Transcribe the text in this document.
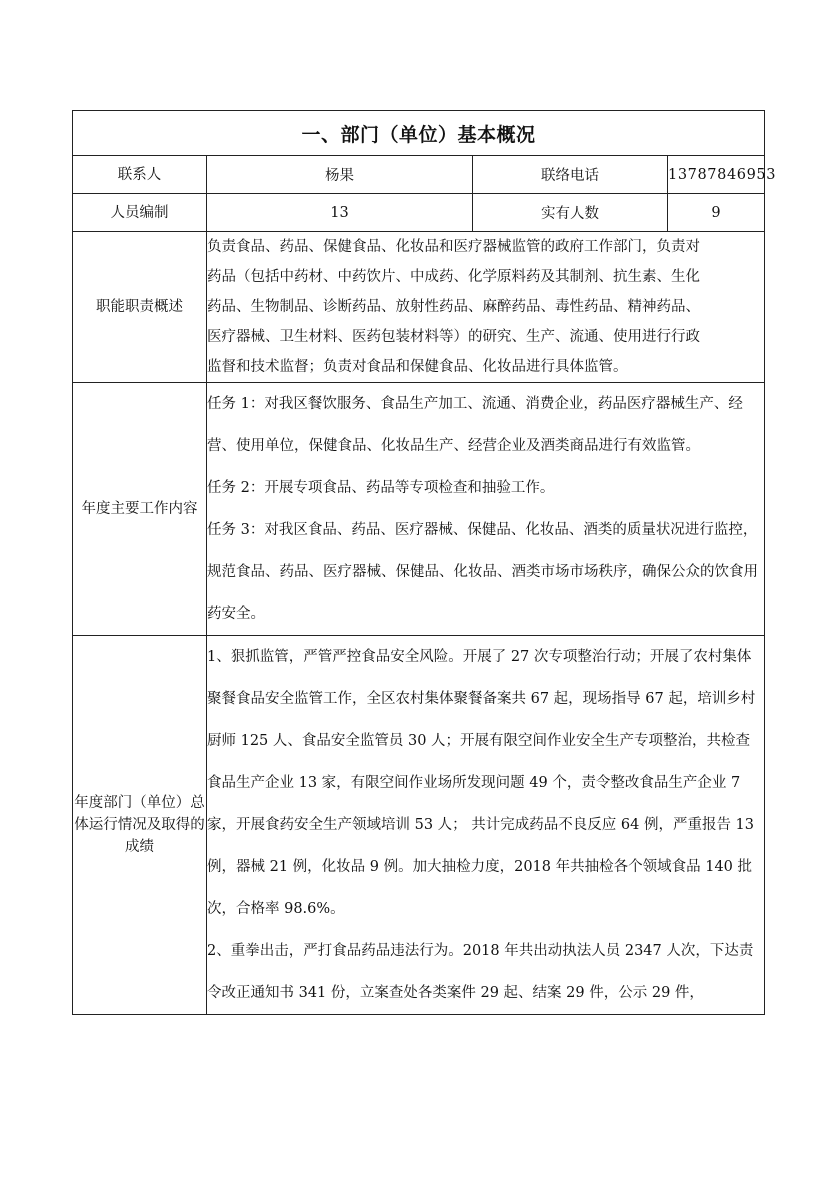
一、部门（单位）基本概况			
联系人	杨果	联络电话	13787846953
人员编制	13	实有人数	9
职能职责概述	负责食品、药品、保健食品、化妆品和医疗器械监管的政府工作部门，负责对
药品（包括中药材、中药饮片、中成药、化学原料药及其制剂、抗生素、生化
药品、生物制品、诊断药品、放射性药品、麻醉药品、毒性药品、精神药品、
医疗器械、卫生材料、医药包装材料等）的研究、生产、流通、使用进行行政
监督和技术监督；负责对食品和保健食品、化妆品进行具体监管。		

年度主要工作内容	任务 1：对我区餐饮服务、食品生产加工、流通、消费企业，药品医疗器械生产、经营、使用单位，保健食品、化妆品生产、经营企业及酒类商品进行有效监管。

任务 2：开展专项食品、药品等专项检查和抽验工作。

任务 3：对我区食品、药品、医疗器械、保健品、化妆品、酒类的质量状况进行监控，规范食品、药品、医疗器械、保健品、化妆品、酒类市场市场秩序，确保公众的饮食用药安全。		

年度部门（单位）总体运行情况及取得的成绩	1、狠抓监管，严管严控食品安全风险。开展了 27 次专项整治行动；开展了农村集体聚餐食品安全监管工作，全区农村集体聚餐备案共 67 起，现场指导 67 起，培训乡村厨师 125 人、食品安全监管员 30 人；开展有限空间作业安全生产专项整治，共检查食品生产企业 13 家，有限空间作业场所发现问题 49 个，责令整改食品生产企业 7 家，开展食药安全生产领域培训 53 人； 共计完成药品不良反应 64 例，严重报告 13 例，器械 21 例，化妆品 9 例。加大抽检力度，2018 年共抽检各个领域食品 140 批次，合格率 98.6%。

2、重拳出击，严打食品药品违法行为。2018 年共出动执法人员 2347 人次，下达责令改正通知书 341 份，立案查处各类案件 29 起、结案 29 件，公示 29 件，		
